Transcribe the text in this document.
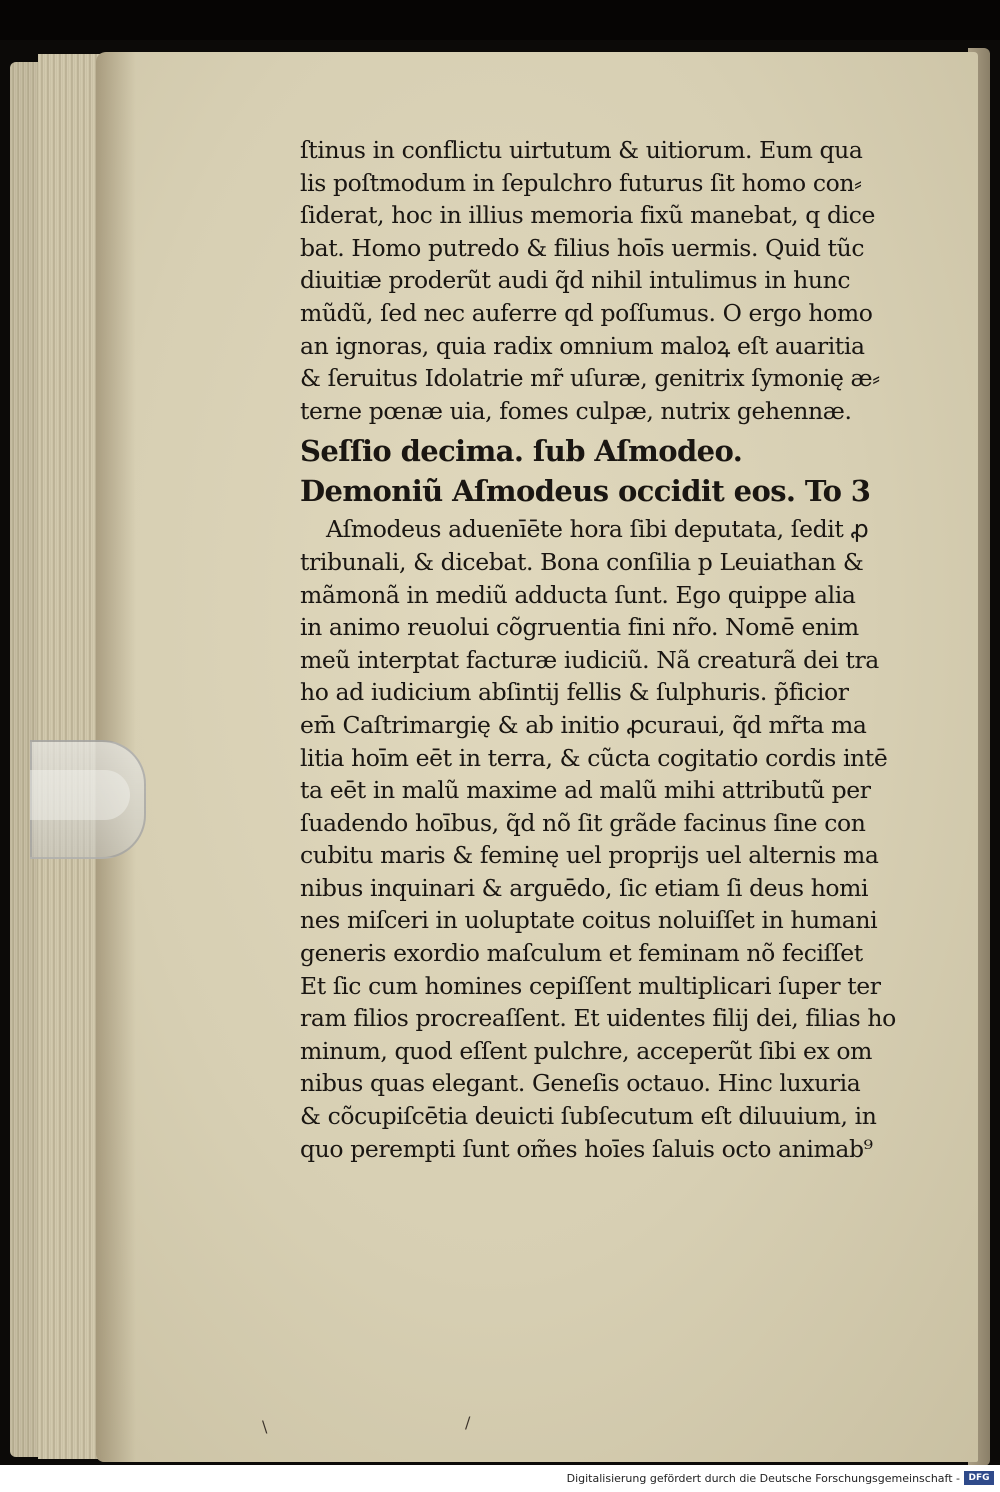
ſtinus in conflictu uirtutum & uitiorum. Eum qua
lis poſtmodum in ſepulchro futurus ſit homo con⸗
ſiderat, hoc in illius memoria fixũ manebat, q dice
bat. Homo putredo & filius hoīs uermis. Quid tũc
diuitiæ proderũt audi q̃d nihil intulimus in hunc
mũdũ, ſed nec auferre qd poſſumus. O ergo homo
an ignoras, quia radix omnium maloꝝ eſt auaritia
& ſeruitus Idolatrie mr̃ uſuræ, genitrix ſymonię æ⸗
terne pœnæ uia, fomes culpæ, nutrix gehennæ.
Seſſio decima. ſub Aſmodeo.
Demoniũ Aſmodeus occidit eos. To 3
Aſmodeus aduenīēte hora ſibi deputata, ſedit ꝓ
tribunali, & dicebat. Bona conſilia p Leuiathan &
mãmonã in mediũ adducta ſunt. Ego quippe alia
in animo reuolui cõgruentia fini nr̃o. Nomē enim
meũ interptat facturæ iudiciũ. Nã creaturã dei tra
ho ad iudicium abſintij fellis & ſulphuris. p̃ficior
em̄ Caſtrimargię & ab initio ꝓcuraui, q̃d mr̃ta ma
litia hoīm eēt in terra, & cũcta cogitatio cordis intē
ta eēt in malũ maxime ad malũ mihi attributũ per
ſuadendo hoībus, q̃d nõ ſit grãde facinus ſine con
cubitu maris & feminę uel proprijs uel alternis ma
nibus inquinari & arguēdo, ſic etiam ſi deus homi
nes miſceri in uoluptate coitus noluiſſet in humani
generis exordio maſculum et feminam nõ feciſſet
Et ſic cum homines cepiſſent multiplicari ſuper ter
ram filios procreaſſent. Et uidentes filij dei, filias ho
minum, quod eſſent pulchre, acceperũt ſibi ex om
nibus quas elegant. Geneſis octauo. Hinc luxuria
& cõcupiſcētia deuicti ſubſecutum eſt diluuium, in
quo perempti ſunt om̃es hoīes ſaluis octo animab⁹
\	/
Digitalisierung gefördert durch die Deutsche Forschungsgemeinschaft - DFG
